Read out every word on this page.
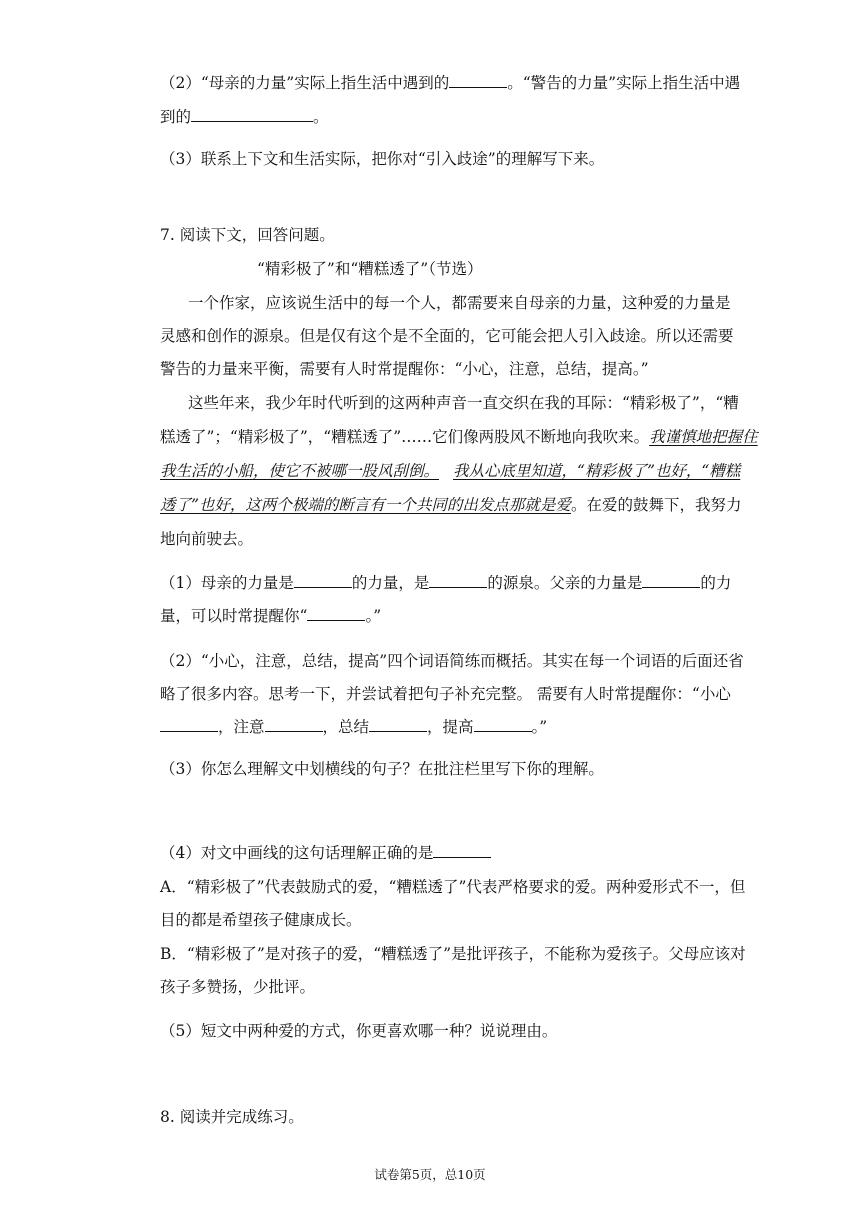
（2）“母亲的力量”实际上指生活中遇到的	。“警告的力量”实际上指生活中遇
到的	。
（3）联系上下文和生活实际，把你对“引入歧途”的理解写下来。
7. 阅读下文，回答问题。
“精彩极了”和“糟糕透了”（节选）
一个作家，应该说生活中的每一个人，都需要来自母亲的力量，这种爱的力量是
灵感和创作的源泉。但是仅有这个是不全面的，它可能会把人引入歧途。所以还需要
警告的力量来平衡，需要有人时常提醒你：“小心，注意，总结，提高。”
这些年来，我少年时代听到的这两种声音一直交织在我的耳际：“精彩极了”，“糟
糕透了”；“精彩极了”，“糟糕透了”……它们像两股风不断地向我吹来。我谨慎地把握住
我生活的小船，使它不被哪一股风刮倒。 我从心底里知道，“精彩极了”也好，“糟糕
透了”也好，这两个极端的断言有一个共同的出发点那就是爱。在爱的鼓舞下，我努力
地向前驶去。
（1）母亲的力量是	的力量，是	的源泉。父亲的力量是	的力
量，可以时常提醒你“	。”
（2）“小心，注意，总结，提高”四个词语简练而概括。其实在每一个词语的后面还省
略了很多内容。思考一下，并尝试着把句子补充完整。 需要有人时常提醒你：“小心
，注意	，总结	，提高	。”
（3）你怎么理解文中划横线的句子？在批注栏里写下你的理解。
（4）对文中画线的这句话理解正确的是
A．“精彩极了”代表鼓励式的爱，“糟糕透了”代表严格要求的爱。两种爱形式不一，但
目的都是希望孩子健康成长。
B．“精彩极了”是对孩子的爱，“糟糕透了”是批评孩子，不能称为爱孩子。父母应该对
孩子多赞扬，少批评。
（5）短文中两种爱的方式，你更喜欢哪一种？说说理由。
8. 阅读并完成练习。
试卷第5页，总10页
